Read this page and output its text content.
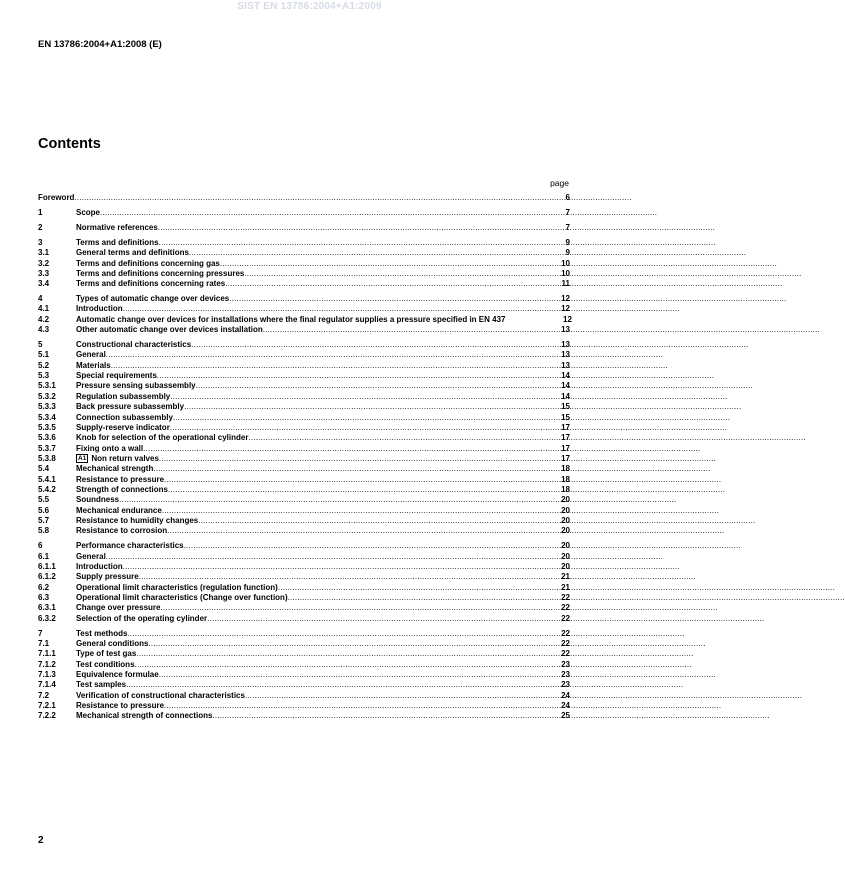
SIST EN 13786:2004+A1:2009
EN 13786:2004+A1:2008 (E)
Contents
page
Foreword .....	6
1	Scope .....	7
2	Normative references .....	7
3	Terms and definitions .....	9
3.1	General terms and definitions .....	9
3.2	Terms and definitions concerning gas .....	10
3.3	Terms and definitions concerning pressures .....	10
3.4	Terms and definitions concerning rates .....	11
4	Types of automatic change over devices .....	12
4.1	Introduction .....	12
4.2	Automatic change over devices for installations where the final regulator supplies a pressure specified in EN 437	12
4.3	Other automatic change over devices installation .....	13
5	Constructional characteristics .....	13
5.1	General .....	13
5.2	Materials .....	13
5.3	Special requirements .....	14
5.3.1	Pressure sensing subassembly .....	14
5.3.2	Regulation subassembly .....	14
5.3.3	Back pressure subassembly .....	15
5.3.4	Connection subassembly .....	15
5.3.5	Supply-reserve indicator .....	17
5.3.6	Knob for selection of the operational cylinder .....	17
5.3.7	Fixing onto a wall .....	17
5.3.8	A1 Non return valves .....	17
5.4	Mechanical strength .....	18
5.4.1	Resistance to pressure .....	18
5.4.2	Strength of connections .....	18
5.5	Soundness .....	20
5.6	Mechanical endurance .....	20
5.7	Resistance to humidity changes .....	20
5.8	Resistance to corrosion .....	20
6	Performance characteristics .....	20
6.1	General .....	20
6.1.1	Introduction .....	20
6.1.2	Supply pressure .....	21
6.2	Operational limit characteristics (regulation function) .....	21
6.3	Operational limit characteristics (Change over function) .....	22
6.3.1	Change over pressure .....	22
6.3.2	Selection of the operating cylinder .....	22
7	Test methods .....	22
7.1	General conditions .....	22
7.1.1	Type of test gas .....	22
7.1.2	Test conditions .....	23
7.1.3	Equivalence formulae .....	23
7.1.4	Test samples .....	23
7.2	Verification of constructional characteristics .....	24
7.2.1	Resistance to pressure .....	24
7.2.2	Mechanical strength of connections .....	25
2
